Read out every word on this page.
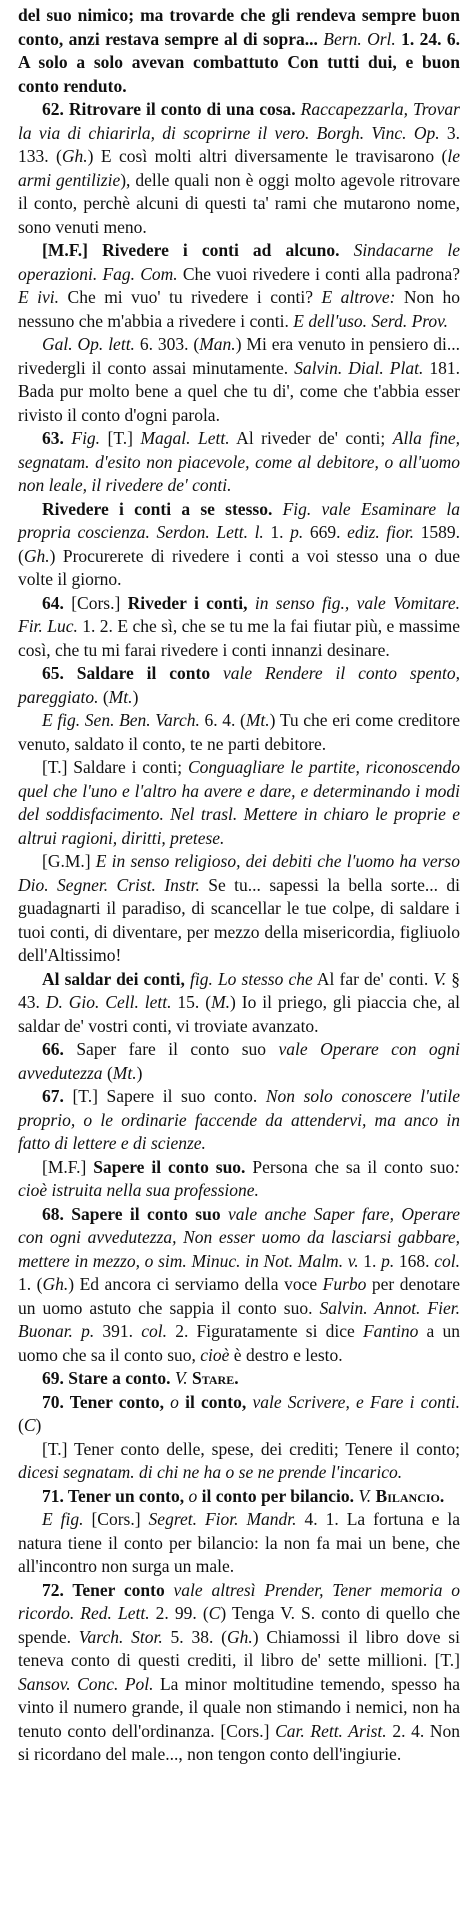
del suo nimico; ma trovarde che gli rendeva sempre buon conto, anzi restava sempre al di sopra... Bern. Orl. 1. 24. 6. A solo a solo avevan combattuto Con tutti dui, e buon conto renduto.

62. Ritrovare il conto di una cosa. Raccapezzarla, Trovar la via di chiarirla, di scoprirne il vero. Borgh. Vinc. Op. 3. 133. (Gh.) E così molti altri diversamente le travisarono (le armi gentilizie), delle quali non è oggi molto agevole ritrovare il conto, perchè alcuni di questi ta' rami che mutarono nome, sono venuti meno.

[M.F.] Rivedere i conti ad alcuno. Sindacarne le operazioni. Fag. Com. Che vuoi rivedere i conti alla padrona? E ivi. Che mi vuo' tu rivedere i conti? E altrove: Non ho nessuno che m'abbia a rivedere i conti. E dell'uso. Serd. Prov.

Gal. Op. lett. 6. 303. (Man.) Mi era venuto in pensiero di... rivedergli il conto assai minutamente. Salvin. Dial. Plat. 181. Bada pur molto bene a quel che tu di', come che t'abbia esser rivisto il conto d'ogni parola.

63. Fig. [T.] Magal. Lett. Al riveder de' conti; Alla fine, segnatam. d'esito non piacevole, come al debitore, o all'uomo non leale, il rivedere de' conti.

Rivedere i conti a se stesso. Fig. vale Esaminare la propria coscienza. Serdon. Lett. l. 1. p. 669. ediz. fior. 1589. (Gh.) Procurerete di rivedere i conti a voi stesso una o due volte il giorno.

64. [Cors.] Riveder i conti, in senso fig., vale Vomitare. Fir. Luc. 1. 2. E che sì, che se tu me la fai fiutar più, e massime così, che tu mi farai rivedere i conti innanzi desinare.

65. Saldare il conto vale Rendere il conto spento, pareggiato. (Mt.)

E fig. Sen. Ben. Varch. 6. 4. (Mt.) Tu che eri come creditore venuto, saldato il conto, te ne parti debitore.

[T.] Saldare i conti; Conguagliare le partite, riconoscendo quel che l'uno e l'altro ha avere e dare, e determinando i modi del soddisfacimento. Nel trasl. Mettere in chiaro le proprie e altrui ragioni, diritti, pretese.

[G.M.] E in senso religioso, dei debiti che l'uomo ha verso Dio. Segner. Crist. Instr. Se tu... sapessi la bella sorte... di guadagnarti il paradiso, di scancellar le tue colpe, di saldare i tuoi conti, di diventare, per mezzo della misericordia, figliuolo dell'Altissimo!

Al saldar dei conti, fig. Lo stesso che Al far de' conti. V. § 43. D. Gio. Cell. lett. 15. (M.) Io il priego, gli piaccia che, al saldar de' vostri conti, vi troviate avanzato.

66. Saper fare il conto suo vale Operare con ogni avvedutezza (Mt.)

67. [T.] Sapere il suo conto. Non solo conoscere l'utile proprio, o le ordinarie faccende da attendervi, ma anco in fatto di lettere e di scienze.

[M.F.] Sapere il conto suo. Persona che sa il conto suo: cioè istruita nella sua professione.

68. Sapere il conto suo vale anche Saper fare, Operare con ogni avvedutezza, Non esser uomo da lasciarsi gabbare, mettere in mezzo, o sim. Minuc. in Not. Malm. v. 1. p. 168. col. 1. (Gh.) Ed ancora ci serviamo della voce Furbo per denotare un uomo astuto che sappia il conto suo. Salvin. Annot. Fier. Buonar. p. 391. col. 2. Figuratamente si dice Fantino a un uomo che sa il conto suo, cioè è destro e lesto.

69. Stare a conto. V. Stare.

70. Tener conto, o il conto, vale Scrivere, e Fare i conti. (C)

[T.] Tener conto delle, spese, dei crediti; Tenere il conto; dicesi segnatam. di chi ne ha o se ne prende l'incarico.

71. Tener un conto, o il conto per bilancio. V. Bilancio.

E fig. [Cors.] Segret. Fior. Mandr. 4. 1. La fortuna e la natura tiene il conto per bilancio: la non fa mai un bene, che all'incontro non surga un male.

72. Tener conto vale altresì Prender, Tener memoria o ricordo. Red. Lett. 2. 99. (C) Tenga V. S. conto di quello che spende. Varch. Stor. 5. 38. (Gh.) Chiamossi il libro dove si teneva conto di questi crediti, il libro de' sette millioni. [T.] Sansov. Conc. Pol. La minor moltitudine temendo, spesso ha vinto il numero grande, il quale non stimando i nemici, non ha tenuto conto dell'ordinanza. [Cors.] Car. Rett. Arist. 2. 4. Non si ricordano del male..., non tengon conto dell'ingiurie.
